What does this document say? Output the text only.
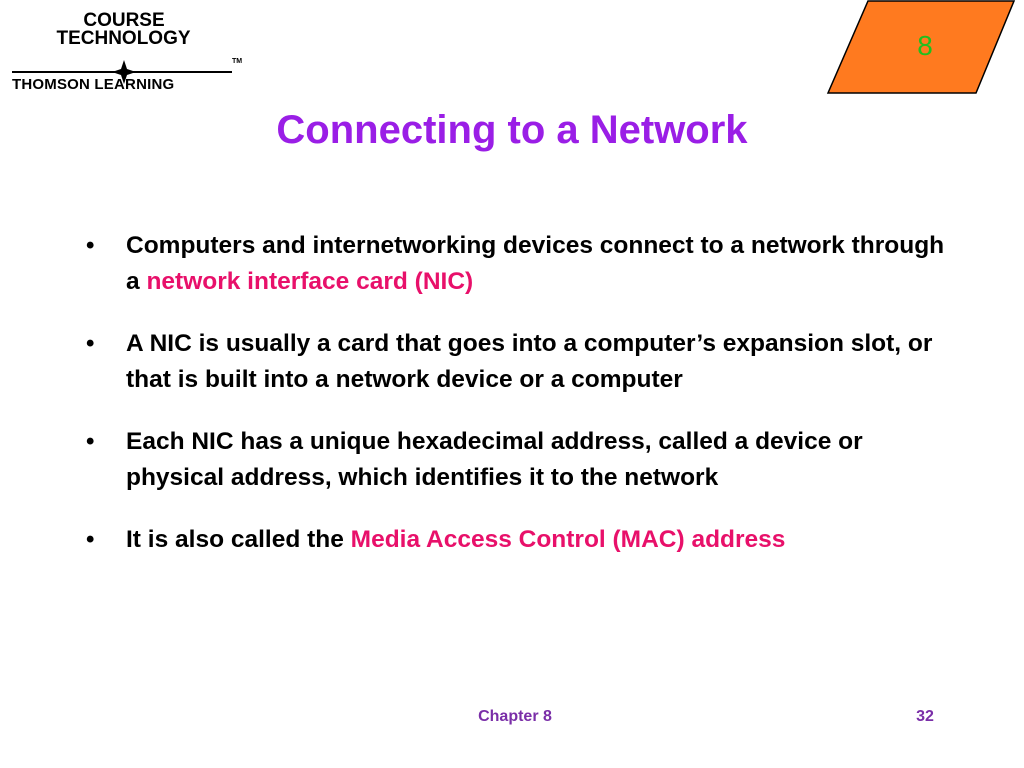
COURSE
TECHNOLOGY
TM
THOMSON LEARNING
8
Connecting to a Network
• Computers and internetworking devices connect to a network through a network interface card (NIC)
• A NIC is usually a card that goes into a computer’s expansion slot, or that is built into a network device or a computer
• Each NIC has a unique hexadecimal address, called a device or physical address, which identifies it to the network
• It is also called the Media Access Control (MAC) address
Chapter 8	32
